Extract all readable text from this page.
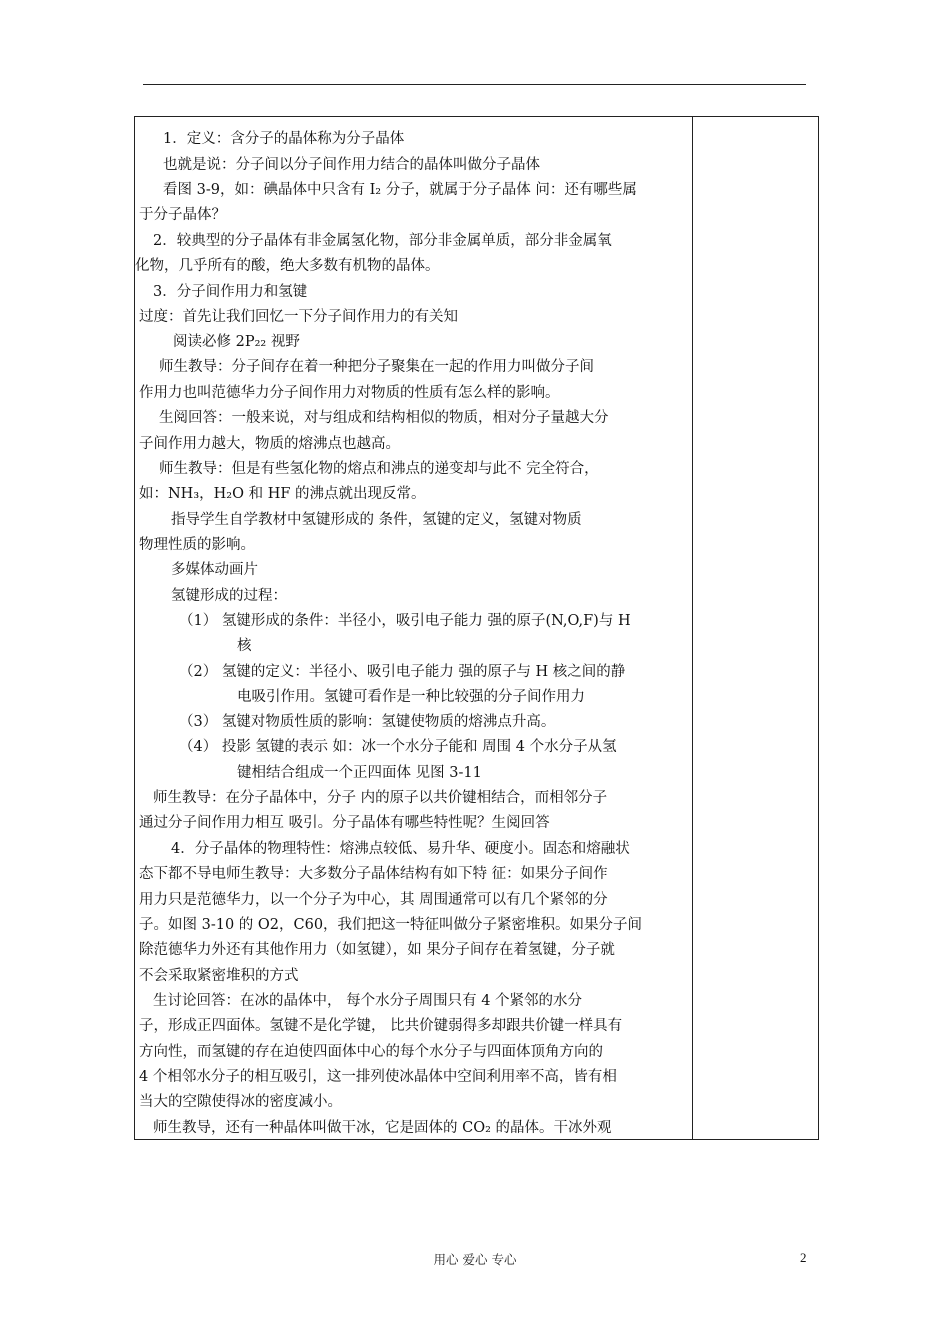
1．定义：含分子的晶体称为分子晶体
也就是说：分子间以分子间作用力结合的晶体叫做分子晶体
看图 3-9，如：碘晶体中只含有 I₂ 分子，就属于分子晶体 问：还有哪些属
于分子晶体？
2．较典型的分子晶体有非金属氢化物，部分非金属单质，部分非金属氧
化物，几乎所有的酸，绝大多数有机物的晶体。
3．分子间作用力和氢键
过度：首先让我们回忆一下分子间作用力的有关知
阅读必修 2P₂₂ 视野
师生教导：分子间存在着一种把分子聚集在一起的作用力叫做分子间
作用力也叫范德华力分子间作用力对物质的性质有怎么样的影响。
生阅回答：一般来说，对与组成和结构相似的物质，相对分子量越大分
子间作用力越大，物质的熔沸点也越高。
师生教导：但是有些氢化物的熔点和沸点的递变却与此不 完全符合，
如：NH₃，H₂O 和 HF 的沸点就出现反常。
指导学生自学教材中氢键形成的 条件，氢键的定义，氢键对物质
物理性质的影响。
多媒体动画片
氢键形成的过程：
（1） 氢键形成的条件：半径小，吸引电子能力 强的原子(N,O,F)与 H
核
（2） 氢键的定义：半径小、吸引电子能力 强的原子与 H 核之间的静
电吸引作用。氢键可看作是一种比较强的分子间作用力
（3） 氢键对物质性质的影响：氢键使物质的熔沸点升高。
（4） 投影 氢键的表示 如：冰一个水分子能和 周围 4 个水分子从氢
键相结合组成一个正四面体 见图 3-11
师生教导：在分子晶体中，分子 内的原子以共价键相结合，而相邻分子
通过分子间作用力相互 吸引。分子晶体有哪些特性呢？生阅回答
4．分子晶体的物理特性：熔沸点较低、易升华、硬度小。固态和熔融状
态下都不导电师生教导：大多数分子晶体结构有如下特 征：如果分子间作
用力只是范德华力，以一个分子为中心，其 周围通常可以有几个紧邻的分
子。如图 3-10 的 O2，C60，我们把这一特征叫做分子紧密堆积。如果分子间
除范德华力外还有其他作用力（如氢键），如 果分子间存在着氢键，分子就
不会采取紧密堆积的方式
生讨论回答：在冰的晶体中， 每个水分子周围只有 4 个紧邻的水分
子，形成正四面体。氢键不是化学键， 比共价键弱得多却跟共价键一样具有
方向性，而氢键的存在迫使四面体中心的每个水分子与四面体顶角方向的
4 个相邻水分子的相互吸引，这一排列使冰晶体中空间利用率不高，皆有相
当大的空隙使得冰的密度减小。
师生教导，还有一种晶体叫做干冰，它是固体的 CO₂ 的晶体。干冰外观
用心 爱心 专心	2
